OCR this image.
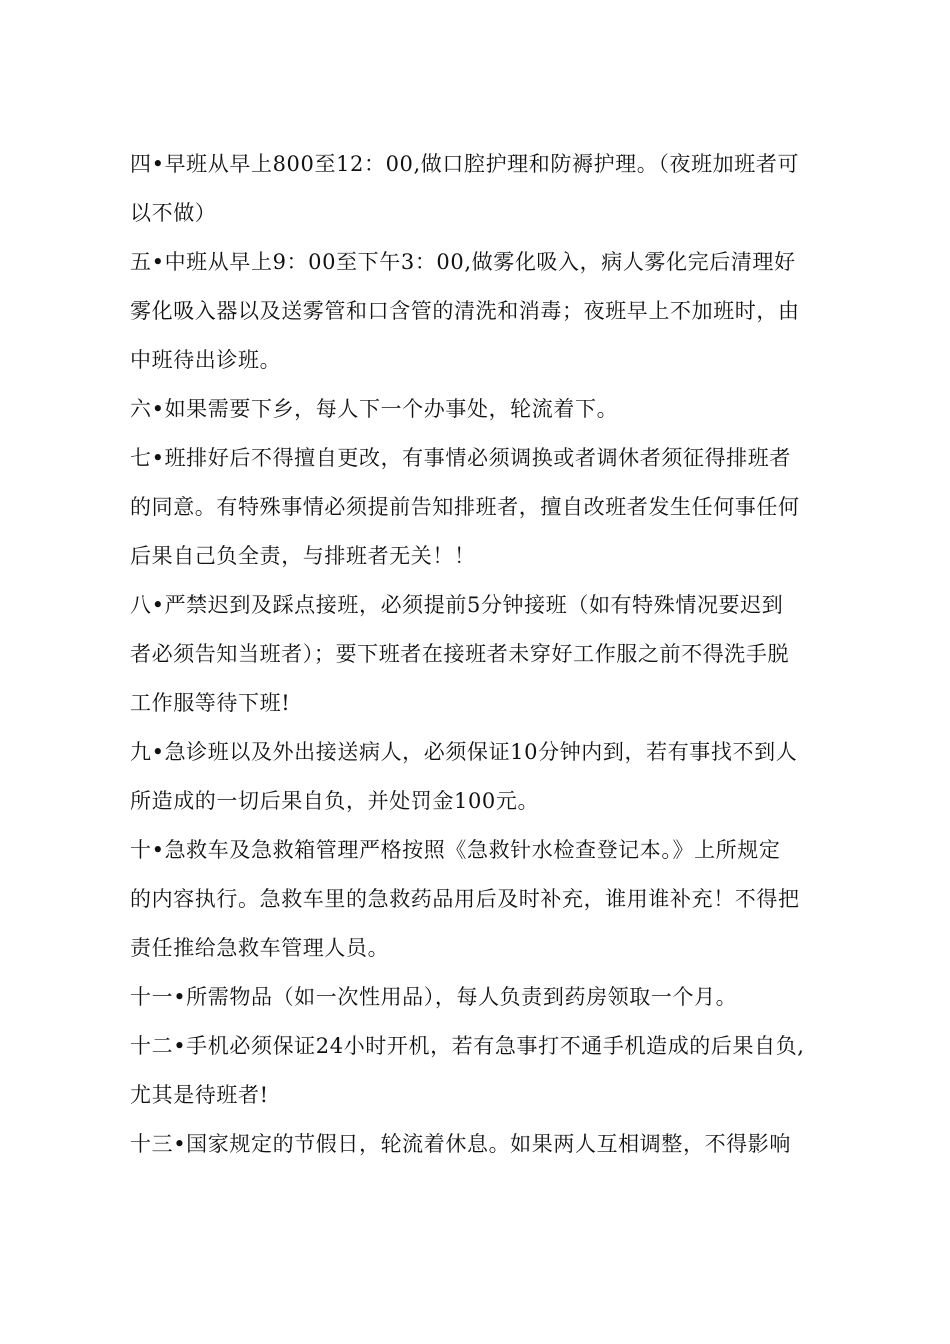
四•早班从早上800至12：00,做口腔护理和防褥护理。（夜班加班者可
以不做）
五•中班从早上9：00至下午3：00,做雾化吸入，病人雾化完后清理好
雾化吸入器以及送雾管和口含管的清洗和消毒；夜班早上不加班时，由
中班待出诊班。
六•如果需要下乡，每人下一个办事处，轮流着下。
七•班排好后不得擅自更改，有事情必须调换或者调休者须征得排班者
的同意。有特殊事情必须提前告知排班者，擅自改班者发生任何事任何
后果自己负全责，与排班者无关！！
八•严禁迟到及踩点接班，必须提前5分钟接班（如有特殊情况要迟到
者必须告知当班者）；要下班者在接班者未穿好工作服之前不得洗手脱
工作服等待下班!
九•急诊班以及外出接送病人，必须保证10分钟内到，若有事找不到人
所造成的一切后果自负，并处罚金100元。
十•急救车及急救箱管理严格按照《急救针水检查登记本。》上所规定
的内容执行。急救车里的急救药品用后及时补充，谁用谁补充！不得把
责任推给急救车管理人员。
十一•所需物品（如一次性用品），每人负责到药房领取一个月。
十二•手机必须保证24小时开机，若有急事打不通手机造成的后果自负,
尤其是待班者!
十三•国家规定的节假日，轮流着休息。如果两人互相调整，不得影响
